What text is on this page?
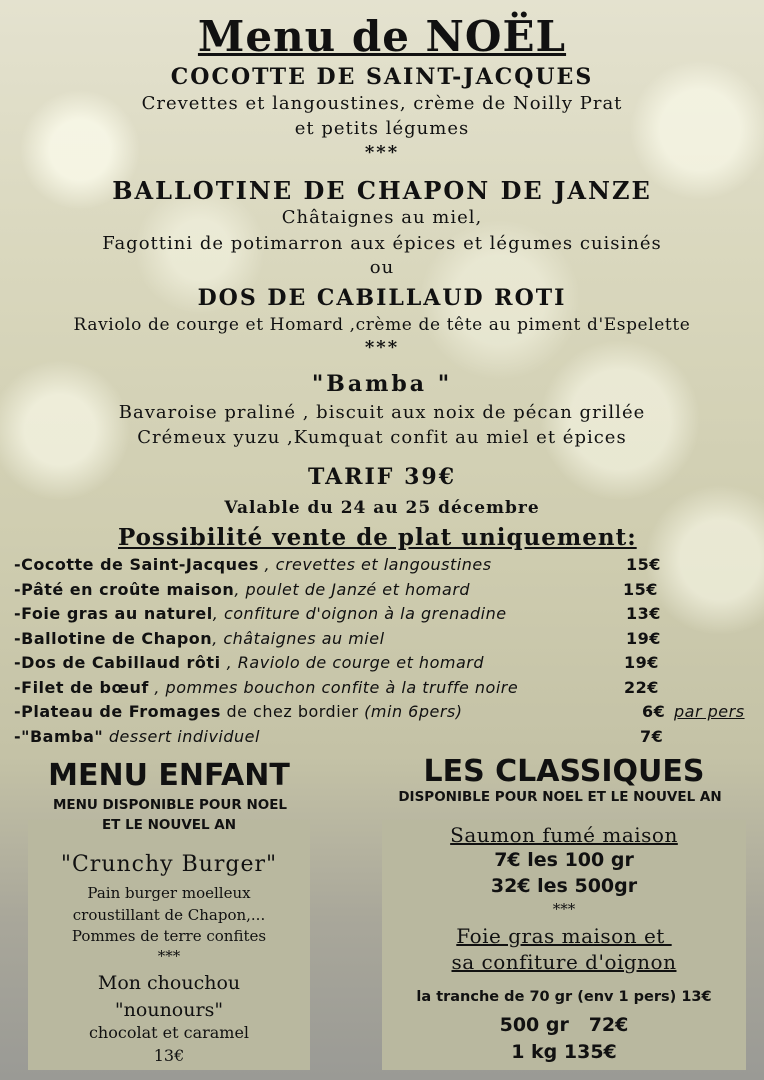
Menu de NOËL
COCOTTE DE SAINT-JACQUES
Crevettes et langoustines, crème de Noilly Prat
et petits légumes
***
BALLOTINE DE CHAPON DE JANZE
Châtaignes au miel,
Fagottini de potimarron aux épices et légumes cuisinés
ou
DOS DE CABILLAUD ROTI
Raviolo de courge et Homard ,crème de tête au piment d'Espelette
***
"Bamba "
Bavaroise praliné , biscuit aux noix de pécan grillée
Crémeux yuzu ,Kumquat confit au miel et épices
TARIF 39€
Valable du 24 au 25 décembre
Possibilité vente de plat uniquement:
-Cocotte de Saint-Jacques , crevettes et langoustines	15€
-Pâté en croûte maison, poulet de Janzé et homard	15€
-Foie gras au naturel, confiture d'oignon à la grenadine	13€
-Ballotine de Chapon, châtaignes au miel	19€
-Dos de Cabillaud rôti , Raviolo de courge et homard	19€
-Filet de bœuf , pommes bouchon confite à la truffe noire	22€
-Plateau de Fromages de chez bordier (min 6pers)	6€ par pers
-"Bamba" dessert individuel	7€
MENU ENFANT
MENU DISPONIBLE POUR NOEL
ET LE NOUVEL AN
"Crunchy Burger"
Pain burger moelleux
croustillant de Chapon,...
Pommes de terre confites
***
Mon chouchou
"nounours"
chocolat et caramel
13€
LES CLASSIQUES
DISPONIBLE POUR NOEL ET LE NOUVEL AN
Saumon fumé maison
7€ les 100 gr
32€ les 500gr
***
Foie gras maison et
sa confiture d'oignon
la tranche de 70 gr (env 1 pers) 13€
500 gr   72€
1 kg 135€
